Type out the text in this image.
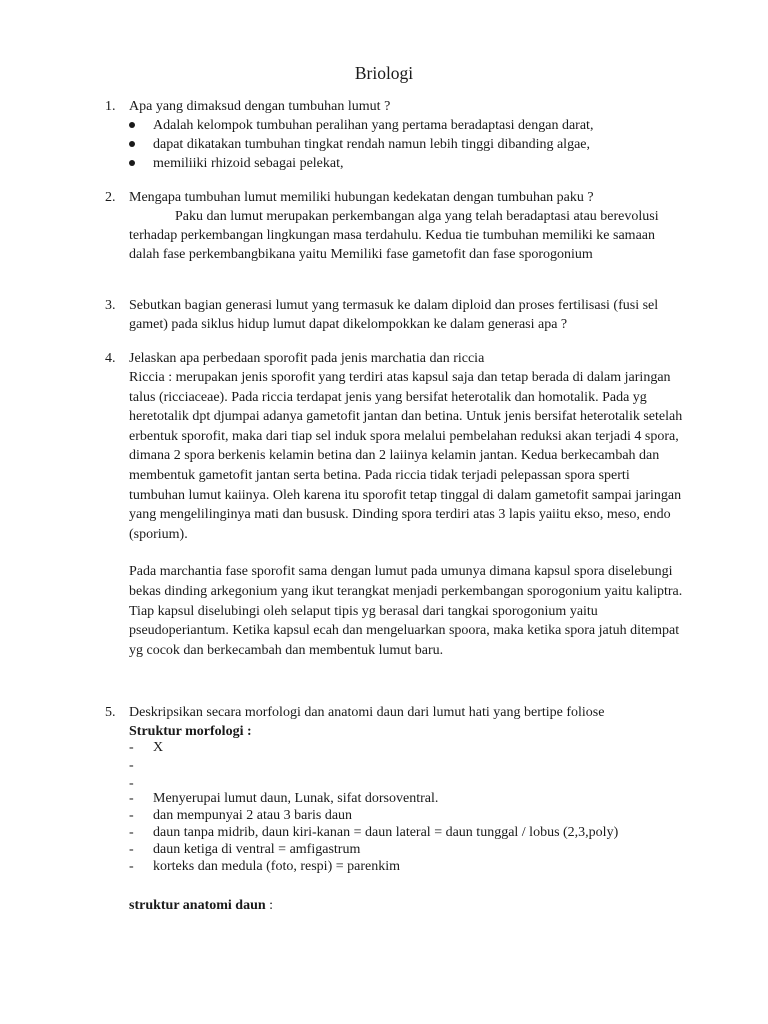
Briologi
1. Apa yang dimaksud dengan tumbuhan lumut ?
Adalah kelompok tumbuhan peralihan yang pertama beradaptasi dengan darat,
dapat dikatakan tumbuhan tingkat rendah namun lebih tinggi dibanding algae,
memiliiki rhizoid sebagai pelekat,
2. Mengapa tumbuhan lumut memiliki hubungan kedekatan dengan tumbuhan paku ?
Paku dan lumut merupakan perkembangan alga yang telah beradaptasi atau berevolusi terhadap perkembangan lingkungan masa terdahulu. Kedua tie tumbuhan memiliki ke samaan dalah fase perkembangbikana yaitu Memiliki fase gametofit dan fase sporogonium
3. Sebutkan bagian generasi lumut yang termasuk ke dalam diploid dan proses fertilisasi (fusi sel gamet) pada siklus hidup lumut dapat dikelompokkan ke dalam generasi apa ?
4. Jelaskan apa perbedaan sporofit pada jenis marchatia dan riccia
Riccia : merupakan jenis sporofit yang terdiri atas kapsul saja dan tetap berada di dalam jaringan talus (ricciaceae). Pada riccia terdapat jenis yang bersifat heterotalik dan homotalik. Pada yg heretotalik dpt djumpai adanya gametofit jantan dan betina. Untuk jenis bersifat heterotalik setelah erbentuk sporofit, maka dari tiap sel induk spora melalui pembelahan reduksi akan terjadi 4 spora, dimana 2 spora berkenis kelamin betina dan 2 laiinya kelamin jantan. Kedua berkecambah dan membentuk gametofit jantan serta betina. Pada riccia tidak terjadi pelepassan spora sperti tumbuhan lumut kaiinya. Oleh karena itu sporofit tetap tinggal di dalam gametofit sampai jaringan yang mengelilinginya mati dan bususk. Dinding spora terdiri atas 3 lapis yaiitu ekso, meso, endo (sporium).
Pada marchantia fase sporofit sama dengan lumut pada umunya dimana kapsul spora diselebungi bekas dinding arkegonium yang ikut terangkat menjadi perkembangan sporogonium yaitu kaliptra. Tiap kapsul diselubingi oleh selaput tipis yg berasal dari tangkai sporogonium yaitu pseudoperiantum. Ketika kapsul ecah dan mengeluarkan spoora, maka ketika spora jatuh ditempat yg cocok dan berkecambah dan membentuk lumut baru.
5. Deskripsikan secara morfologi dan anatomi daun dari lumut hati yang bertipe foliose
Struktur morfologi :
- X
-
-
- Menyerupai lumut daun, Lunak, sifat dorsoventral.
- dan mempunyai 2 atau 3 baris daun
- daun tanpa midrib, daun kiri-kanan = daun lateral = daun tunggal / lobus (2,3,poly)
- daun ketiga di ventral = amfigastrum
- korteks dan medula (foto, respi) = parenkim
struktur anatomi daun :
